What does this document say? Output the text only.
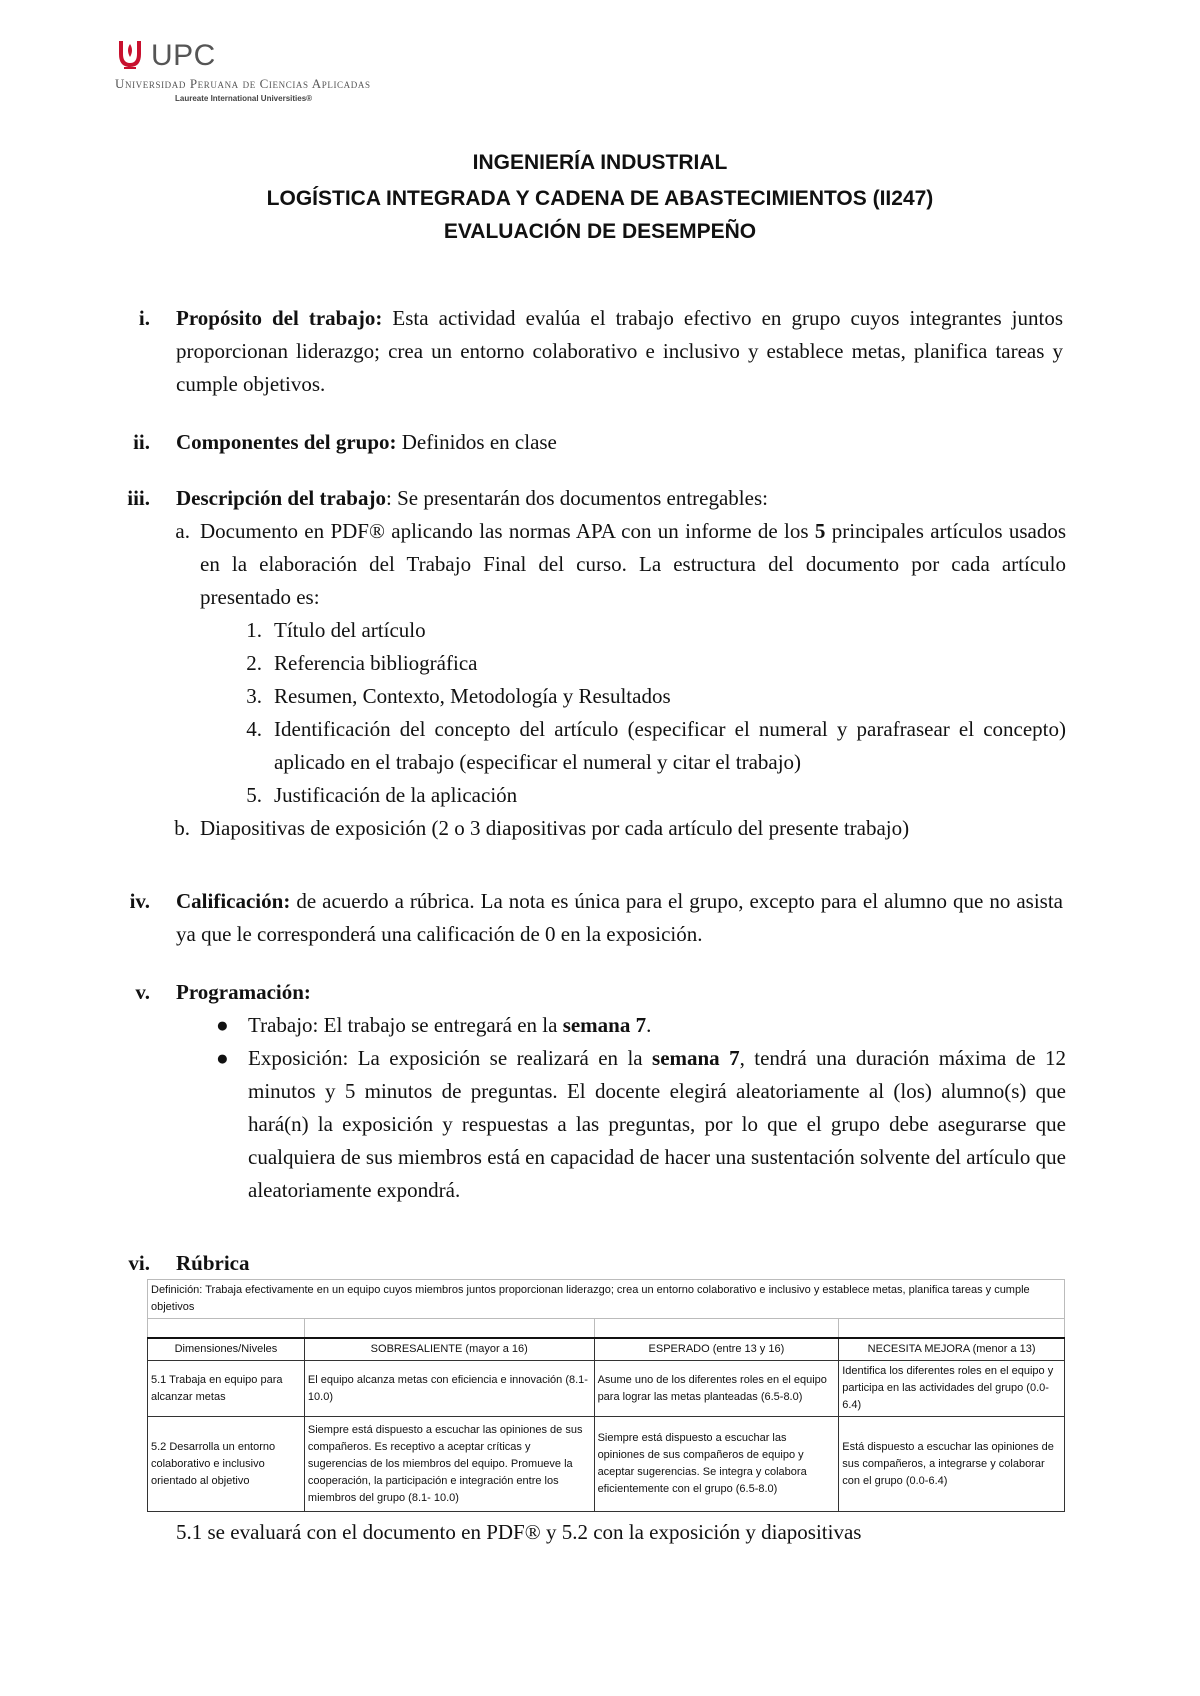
UPC
Universidad Peruana de Ciencias Aplicadas
Laureate International Universities®
INGENIERÍA INDUSTRIAL
LOGÍSTICA INTEGRADA Y CADENA DE ABASTECIMIENTOS (II247)
EVALUACIÓN DE DESEMPEÑO
i. Propósito del trabajo: Esta actividad evalúa el trabajo efectivo en grupo cuyos integrantes juntos proporcionan liderazgo; crea un entorno colaborativo e inclusivo y establece metas, planifica tareas y cumple objetivos.
ii. Componentes del grupo: Definidos en clase
iii. Descripción del trabajo: Se presentarán dos documentos entregables:
a. Documento en PDF® aplicando las normas APA con un informe de los 5 principales artículos usados en la elaboración del Trabajo Final del curso. La estructura del documento por cada artículo presentado es:
1. Título del artículo
2. Referencia bibliográfica
3. Resumen, Contexto, Metodología y Resultados
4. Identificación del concepto del artículo (especificar el numeral y parafrasear el concepto) aplicado en el trabajo (especificar el numeral y citar el trabajo)
5. Justificación de la aplicación
b. Diapositivas de exposición (2 o 3 diapositivas por cada artículo del presente trabajo)
iv. Calificación: de acuerdo a rúbrica. La nota es única para el grupo, excepto para el alumno que no asista ya que le corresponderá una calificación de 0 en la exposición.
v. Programación:
● Trabajo: El trabajo se entregará en la semana 7.
● Exposición: La exposición se realizará en la semana 7, tendrá una duración máxima de 12 minutos y 5 minutos de preguntas. El docente elegirá aleatoriamente al (los) alumno(s) que hará(n) la exposición y respuestas a las preguntas, por lo que el grupo debe asegurarse que cualquiera de sus miembros está en capacidad de hacer una sustentación solvente del artículo que aleatoriamente expondrá.
vi. Rúbrica
Definición: Trabaja efectivamente en un equipo cuyos miembros juntos proporcionan liderazgo; crea un entorno colaborativo e inclusivo y establece metas, planifica tareas y cumple objetivos			

Dimensiones/Niveles	SOBRESALIENTE (mayor a 16)	ESPERADO (entre 13 y 16)	NECESITA MEJORA (menor a 13)
5.1 Trabaja en equipo para alcanzar metas	El equipo alcanza metas con eficiencia e innovación (8.1- 10.0)	Asume uno de los diferentes roles en el equipo para lograr las metas planteadas (6.5-8.0)	Identifica los diferentes roles en el equipo y participa en las actividades del grupo (0.0-6.4)
5.2 Desarrolla un entorno colaborativo e inclusivo orientado al objetivo	Siempre está dispuesto a escuchar las opiniones de sus compañeros. Es receptivo a aceptar críticas y sugerencias de los miembros del equipo. Promueve la cooperación, la participación e integración entre los miembros del grupo (8.1- 10.0)	Siempre está dispuesto a escuchar las opiniones de sus compañeros de equipo y aceptar sugerencias. Se integra y colabora eficientemente con el grupo (6.5-8.0)	Está dispuesto a escuchar las opiniones de sus compañeros, a integrarse y colaborar con el grupo (0.0-6.4)
5.1 se evaluará con el documento en PDF® y 5.2 con la exposición y diapositivas
